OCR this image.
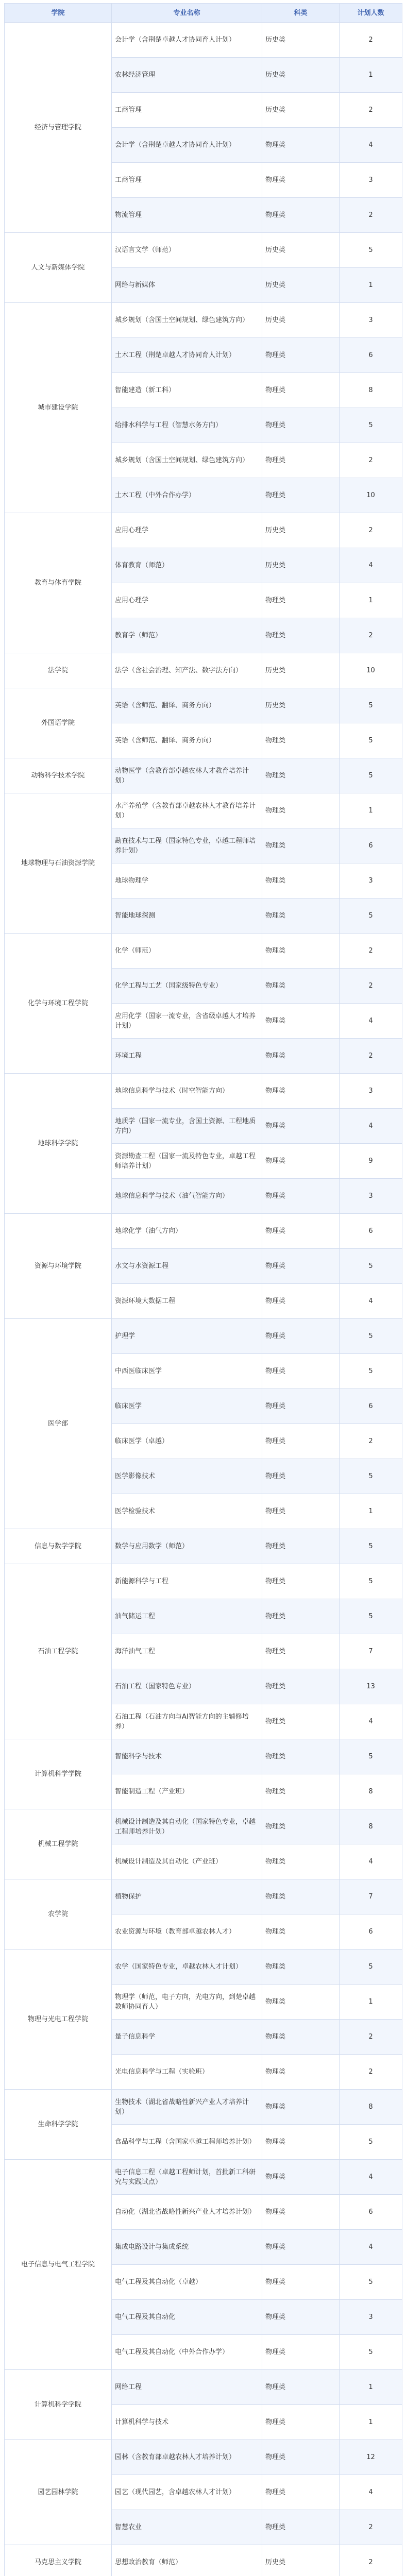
学院	专业名称	科类	计划人数
经济与管理学院	会计学（含荆楚卓越人才协同育人计划）	历史类	2
	农林经济管理	历史类	1
	工商管理	历史类	2
	会计学（含荆楚卓越人才协同育人计划）	物理类	4
	工商管理	物理类	3
	物流管理	物理类	2
人文与新媒体学院	汉语言文学（师范）	历史类	5
	网络与新媒体	历史类	1
城市建设学院	城乡规划（含国土空间规划、绿色建筑方向）	历史类	3
	土木工程（荆楚卓越人才协同育人计划）	物理类	6
	智能建造（新工科）	物理类	8
	给排水科学与工程（智慧水务方向）	物理类	5
	城乡规划（含国土空间规划、绿色建筑方向）	物理类	2
	土木工程（中外合作办学）	物理类	10
教育与体育学院	应用心理学	历史类	2
	体育教育（师范）	历史类	4
	应用心理学	物理类	1
	教育学（师范）	物理类	2
法学院	法学（含社会治理、知产法、数字法方向）	历史类	10
外国语学院	英语（含师范、翻译、商务方向）	历史类	5
	英语（含师范、翻译、商务方向）	物理类	5
动物科学技术学院	动物医学（含教育部卓越农林人才教育培养计划）	物理类	5
地球物理与石油资源学院	水产养殖学（含教育部卓越农林人才教育培养计划）	物理类	1
	勘查技术与工程（国家特色专业，卓越工程师培养计划）	物理类	6
	地球物理学	物理类	3
	智能地球探测	物理类	5
化学与环境工程学院	化学（师范）	物理类	2
	化学工程与工艺（国家级特色专业）	物理类	2
	应用化学（国家一流专业，含省级卓越人才培养计划）	物理类	4
	环境工程	物理类	2
地球科学学院	地球信息科学与技术（时空智能方向）	物理类	3
	地质学（国家一流专业，含国土资源、工程地质方向）	物理类	4
	资源勘查工程（国家一流及特色专业，卓越工程师培养计划）	物理类	9
	地球信息科学与技术（油气智能方向）	物理类	3
资源与环境学院	地球化学（油气方向）	物理类	6
	水文与水资源工程	物理类	5
	资源环境大数据工程	物理类	4
医学部	护理学	物理类	5
	中西医临床医学	物理类	5
	临床医学	物理类	6
	临床医学（卓越）	物理类	2
	医学影像技术	物理类	5
	医学检验技术	物理类	1
信息与数学学院	数学与应用数学（师范）	物理类	5
石油工程学院	新能源科学与工程	物理类	5
	油气储运工程	物理类	5
	海洋油气工程	物理类	7
	石油工程（国家特色专业）	物理类	13
	石油工程（石油方向与AI智能方向的主辅修培养）	物理类	4
计算机科学学院	智能科学与技术	物理类	5
	智能制造工程（产业班）	物理类	8
机械工程学院	机械设计制造及其自动化（国家特色专业，卓越工程师培养计划）	物理类	8
	机械设计制造及其自动化（产业班）	物理类	4
农学院	植物保护	物理类	7
	农业资源与环境（教育部卓越农林人才）	物理类	6
物理与光电工程学院	农学（国家特色专业，卓越农林人才计划）	物理类	5
	物理学（师范，电子方向，光电方向，到楚卓越教师协同育人）	物理类	1
	量子信息科学	物理类	2
	光电信息科学与工程（实验班）	物理类	2
生命科学学院	生物技术（湖北省战略性新兴产业人才培养计划）	物理类	8
	食品科学与工程（含国家卓越工程师培养计划）	物理类	5
电子信息与电气工程学院	电子信息工程（卓越工程师计划，首批新工科研究与实践试点）	物理类	4
	自动化（湖北省战略性新兴产业人才培养计划）	物理类	6
	集成电路设计与集成系统	物理类	4
	电气工程及其自动化（卓越）	物理类	5
	电气工程及其自动化	物理类	3
	电气工程及其自动化（中外合作办学）	物理类	5
计算机科学学院	网络工程	物理类	1
	计算机科学与技术	物理类	1
园艺园林学院	园林（含教育部卓越农林人才培养计划）	物理类	12
	园艺（现代园艺，含卓越农林人才计划）	物理类	4
	智慧农业	物理类	2
马克思主义学院	思想政治教育（师范）	历史类	2
